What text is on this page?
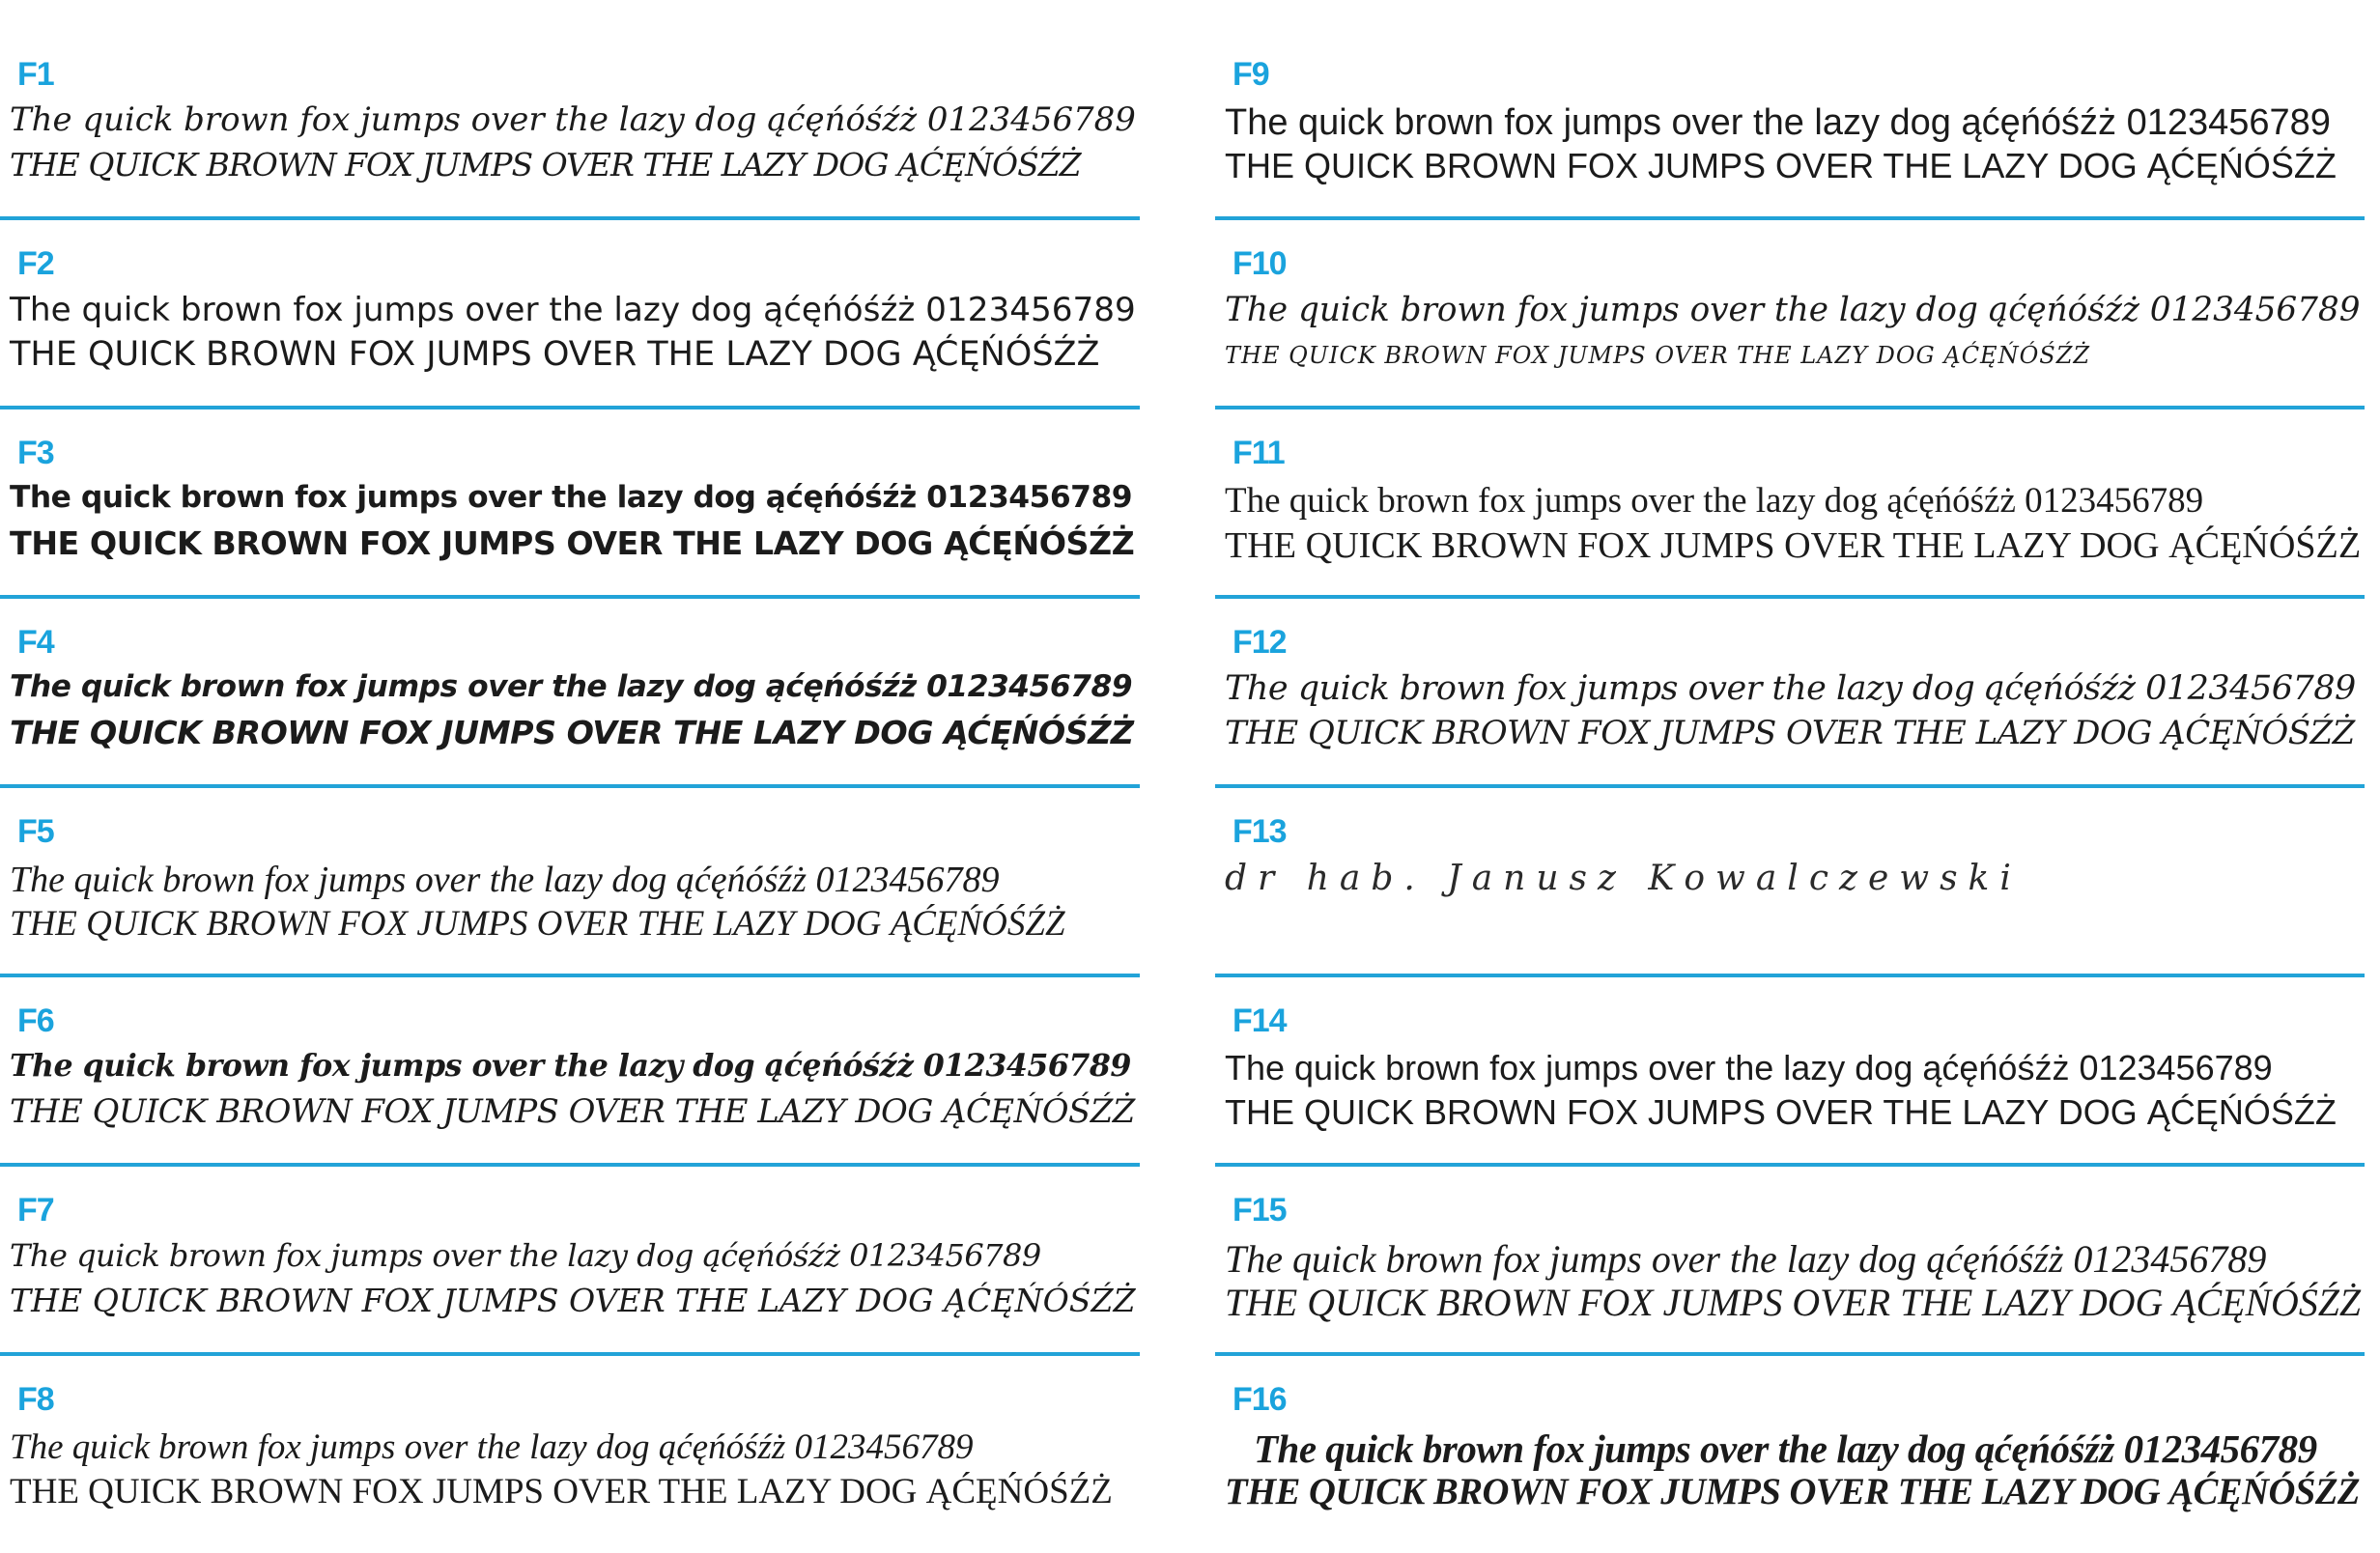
F1
The quick brown fox jumps over the lazy dog ąćęńóśźż 0123456789
THE QUICK BROWN FOX JUMPS OVER THE LAZY DOG ĄĆĘŃÓŚŹŻ
F2
The quick brown fox jumps over the lazy dog ąćęńóśźż 0123456789
THE QUICK BROWN FOX JUMPS OVER THE LAZY DOG ĄĆĘŃÓŚŹŻ
F3
The quick brown fox jumps over the lazy dog ąćęńóśźż 0123456789
THE QUICK BROWN FOX JUMPS OVER THE LAZY DOG ĄĆĘŃÓŚŹŻ
F4
The quick brown fox jumps over the lazy dog ąćęńóśźż 0123456789
THE QUICK BROWN FOX JUMPS OVER THE LAZY DOG ĄĆĘŃÓŚŹŻ
F5
The quick brown fox jumps over the lazy dog ąćęńóśźż 0123456789
THE QUICK BROWN FOX JUMPS OVER THE LAZY DOG ĄĆĘŃÓŚŹŻ
F6
The quick brown fox jumps over the lazy dog ąćęńóśźż 0123456789
THE QUICK BROWN FOX JUMPS OVER THE LAZY DOG ĄĆĘŃÓŚŹŻ
F7
The quick brown fox jumps over the lazy dog ąćęńóśźż 0123456789
THE QUICK BROWN FOX JUMPS OVER THE LAZY DOG ĄĆĘŃÓŚŹŻ
F8
The quick brown fox jumps over the lazy dog ąćęńóśźż 0123456789
THE QUICK BROWN FOX JUMPS OVER THE LAZY DOG ĄĆĘŃÓŚŹŻ
F9
The quick brown fox jumps over the lazy dog ąćęńóśźż 0123456789
THE QUICK BROWN FOX JUMPS OVER THE LAZY DOG ĄĆĘŃÓŚŹŻ
F10
The quick brown fox jumps over the lazy dog ąćęńóśźż 0123456789
THE QUICK BROWN FOX JUMPS OVER THE LAZY DOG ĄĆĘŃÓŚŹŻ
F11
The quick brown fox jumps over the lazy dog ąćęńóśźż 0123456789
THE QUICK BROWN FOX JUMPS OVER THE LAZY DOG ĄĆĘŃÓŚŹŻ
F12
The quick brown fox jumps over the lazy dog ąćęńóśźż 0123456789
THE QUICK BROWN FOX JUMPS OVER THE LAZY DOG ĄĆĘŃÓŚŹŻ
F13
dr hab. Janusz Kowalczewski
F14
The quick brown fox jumps over the lazy dog ąćęńóśźż 0123456789
THE QUICK BROWN FOX JUMPS OVER THE LAZY DOG ĄĆĘŃÓŚŹŻ
F15
The quick brown fox jumps over the lazy dog ąćęńóśźż 0123456789
THE QUICK BROWN FOX JUMPS OVER THE LAZY DOG ĄĆĘŃÓŚŹŻ
F16
The quick brown fox jumps over the lazy dog ąćęńóśźż 0123456789
THE QUICK BROWN FOX JUMPS OVER THE LAZY DOG ĄĆĘŃÓŚŹŻ
